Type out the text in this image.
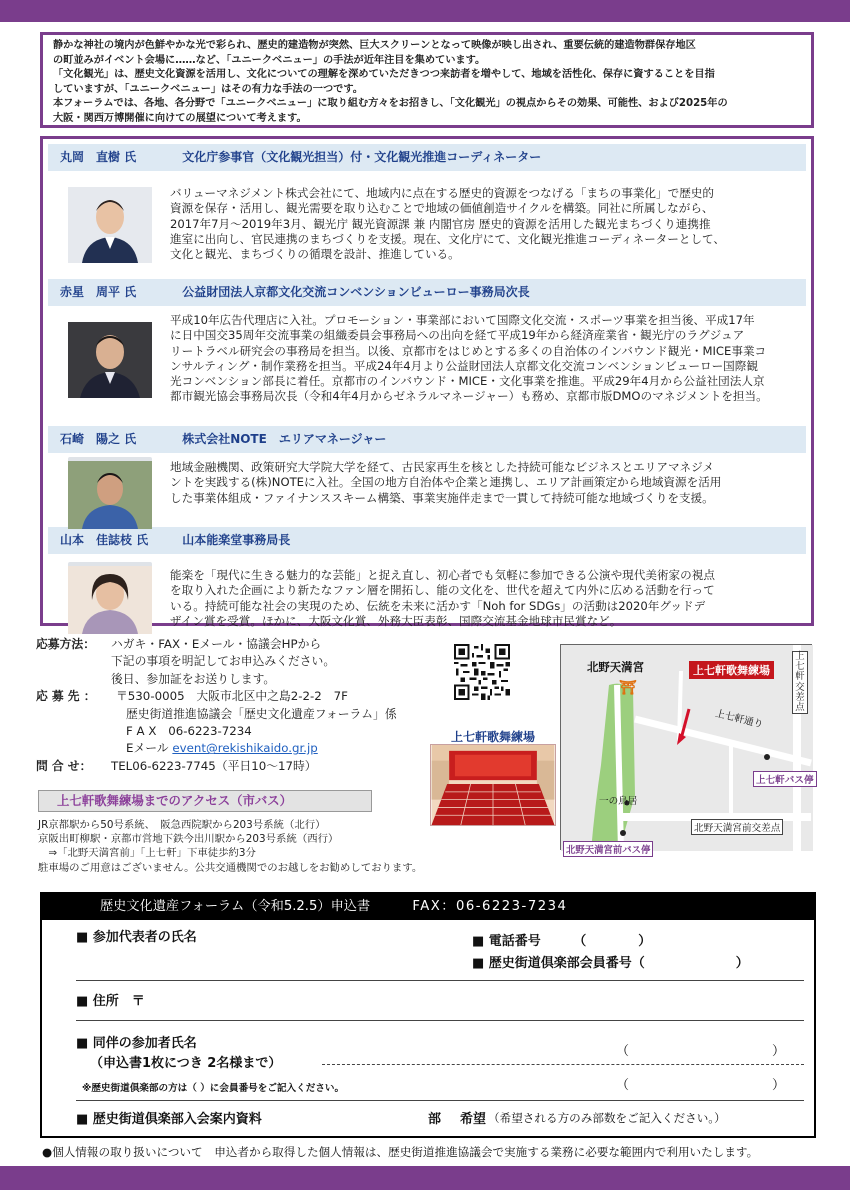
静かな神社の境内が色鮮やかな光で彩られ、歴史的建造物が突然、巨大スクリーンとなって映像が映し出され、重要伝統的建造物群保存地区

の町並みがイベント会場に……など、「ユニークベニュー」の手法が近年注目を集めています。

「文化観光」は、歴史文化資源を活用し、文化についての理解を深めていただきつつ来訪者を増やして、地域を活性化、保存に資することを目指

していますが、「ユニークベニュー」はその有力な手法の一つです。

本フォーラムでは、各地、各分野で「ユニークベニュー」に取り組む方々をお招きし、「文化観光」の視点からその効果、可能性、および2025年の

大阪・関西万博開催に向けての展望について考えます。

丸岡　直樹 氏	文化庁参事官（文化観光担当）付・文化観光推進コーディネーター
バリューマネジメント株式会社にて、地域内に点在する歴史的資源をつなげる「まちの事業化」で歴史的
資源を保存・活用し、観光需要を取り込むことで地域の価値創造サイクルを構築。同社に所属しながら、
2017年7月〜2019年3月、観光庁 観光資源課 兼 内閣官房 歴史的資源を活用した観光まちづくり連携推
進室に出向し、官民連携のまちづくりを支援。現在、文化庁にて、文化観光推進コーディネーターとして、
文化と観光、まちづくりの循環を設計、推進している。
赤星　周平 氏	公益財団法人京都文化交流コンベンションビューロー事務局次長
平成10年広告代理店に入社。プロモーション・事業部において国際文化交流・スポーツ事業を担当後、平成17年
に日中国交35周年交流事業の組織委員会事務局への出向を経て平成19年から経済産業省・観光庁のラグジュア
リートラベル研究会の事務局を担当。以後、京都市をはじめとする多くの自治体のインバウンド観光・MICE事業コ
ンサルティング・制作業務を担当。平成24年4月より公益財団法人京都文化交流コンベンションビューロー国際観
光コンベンション部長に着任。京都市のインバウンド・MICE・文化事業を推進。平成29年4月から公益社団法人京
都市観光協会事務局次長（令和4年4月からゼネラルマネージャー）も務め、京都市版DMOのマネジメントを担当。
石崎　陽之 氏	株式会社NOTE　エリアマネージャー
地域金融機関、政策研究大学院大学を経て、古民家再生を核とした持続可能なビジネスとエリアマネジメ
ントを実践する(株)NOTEに入社。全国の地方自治体や企業と連携し、エリア計画策定から地域資源を活用
した事業体組成・ファイナンススキーム構築、事業実施伴走まで一貫して持続可能な地域づくりを支援。
山本　佳誌枝 氏	山本能楽堂事務局長
能楽を「現代に生きる魅力的な芸能」と捉え直し、初心者でも気軽に参加できる公演や現代美術家の視点
を取り入れた企画により新たなファン層を開拓し、能の文化を、世代を超えて内外に広める活動を行って
いる。持続可能な社会の実現のため、伝統を未来に活かす「Noh for SDGs」の活動は2020年グッドデ
ザイン賞を受賞。ほかに、大阪文化賞、外務大臣表彰、国際交流基金地球市民賞など。
応募方法： ハガキ・FAX・Eメール・協議会HPから
下記の事項を明記してお申込みください。
後日、参加証をお送りします。
応 募 先 ： 〒530-0005　大阪市北区中之島2-2-2　7F
歴史街道推進協議会「歴史文化遺産フォーラム」係
F A X　06-6223-7234
Eメール event@rekishikaido.gr.jp
問 合 せ： TEL06-6223-7745（平日10〜17時）
上七軒歌舞練場
⛩
北野天満宮	上七軒歌舞練場
上七軒交差点
上七軒通り
上七軒バス停
一の鳥居
北野天満宮前交差点
北野天満宮前バス停
上七軒歌舞練場までのアクセス（市バス）

JR京都駅から50号系統、　阪急西院駅から203号系統（北行）

京阪出町柳駅・京都市営地下鉄今出川駅から203号系統（西行）

　⇒「北野天満宮前」「上七軒」下車徒歩約3分

駐車場のご用意はございません。公共交通機関でのお越しをお勧めしております。

歴史文化遺産フォーラム（令和5.2.5）申込書	FAX：06-6223-7234
■ 参加代表者の氏名	■ 電話番号　　　（　　　　）
■ 歴史街道倶楽部会員番号（　　　　　　　）
■ 住所　〒
■ 同伴の参加者氏名
（申込書1枚につき 2名様まで）
（　　　　　　　　　　　）
※歴史街道倶楽部の方は（ ）に会員番号をご記入ください。	（　　　　　　　　　　　）
■ 歴史街道倶楽部入会案内資料	部 希望 （希望される方のみ部数をご記入ください。）
●個人情報の取り扱いについて　申込者から取得した個人情報は、歴史街道推進協議会で実施する業務に必要な範囲内で利用いたします。
